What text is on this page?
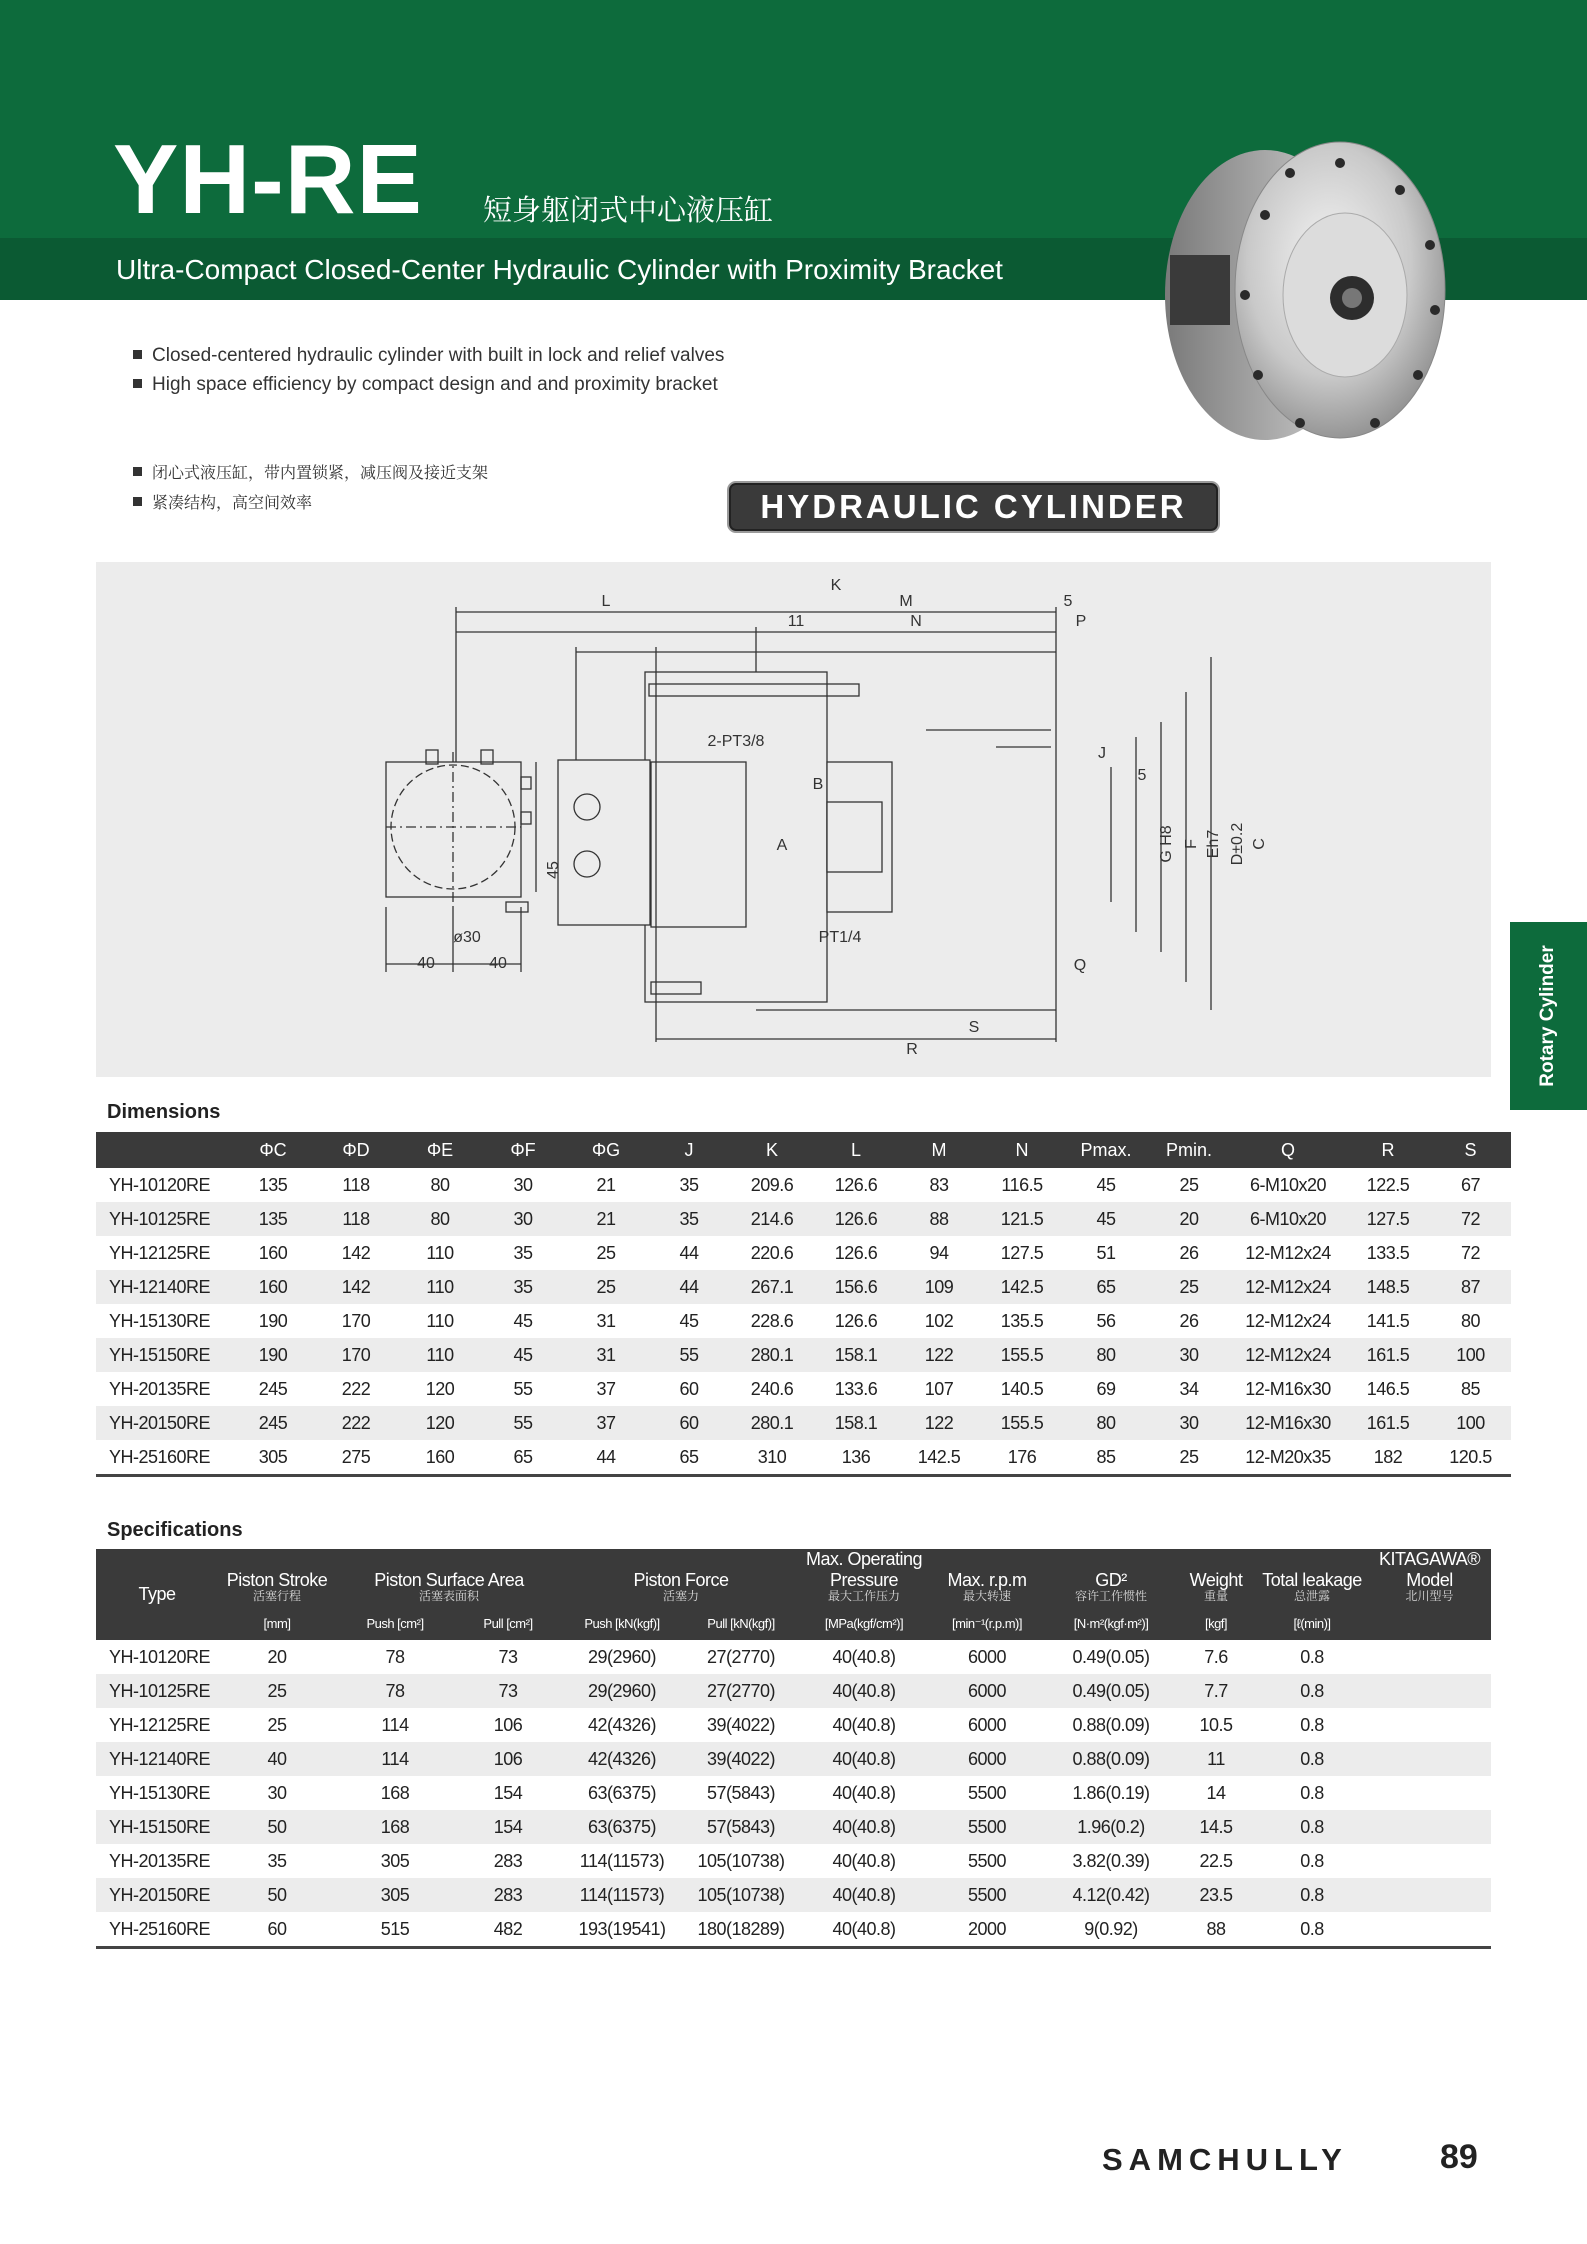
YH-RE 短身躯闭式中心液压缸
Ultra-Compact Closed-Center Hydraulic Cylinder with Proximity Bracket
Closed-centered hydraulic cylinder with built in lock and relief valves
High space efficiency by compact design and and proximity bracket
闭心式液压缸，带内置锁紧，减压阀及接近支架
紧凑结构，高空间效率	HYDRAULIC CYLINDER
K
L	M	5
11	N	P
2-PT3/8
J
5
B
A	G H8 F Eh7 D±0.2 C
PT1/4
Q
S
R
45
ø30
40	40	Rotary Cylinder
Dimensions
	ΦC	ΦD	ΦE	ΦF	ΦG	J	K	L	M	N	Pmax.	Pmin.	Q	R	S
YH-10120RE	135	118	80	30	21	35	209.6	126.6	83	116.5	45	25	6-M10x20	122.5	67
YH-10125RE	135	118	80	30	21	35	214.6	126.6	88	121.5	45	20	6-M10x20	127.5	72
YH-12125RE	160	142	110	35	25	44	220.6	126.6	94	127.5	51	26	12-M12x24	133.5	72
YH-12140RE	160	142	110	35	25	44	267.1	156.6	109	142.5	65	25	12-M12x24	148.5	87
YH-15130RE	190	170	110	45	31	45	228.6	126.6	102	135.5	56	26	12-M12x24	141.5	80
YH-15150RE	190	170	110	45	31	55	280.1	158.1	122	155.5	80	30	12-M12x24	161.5	100
YH-20135RE	245	222	120	55	37	60	240.6	133.6	107	140.5	69	34	12-M16x30	146.5	85
YH-20150RE	245	222	120	55	37	60	280.1	158.1	122	155.5	80	30	12-M16x30	161.5	100
YH-25160RE	305	275	160	65	44	65	310	136	142.5	176	85	25	12-M20x35	182	120.5
Specifications
Type	Piston Stroke	Piston Surface Area		Piston Force		Max. Operating Pressure	Max. r.p.m	GD²	Weight	Total leakage	KITAGAWA® Model
	活塞行程	活塞表面积		活塞力		最大工作压力	最大转速	容许工作惯性	重量	总泄露	北川型号
	[mm]	Push [cm²]	Pull [cm²]	Push [kN(kgf)]	Pull [kN(kgf)]	[MPa(kgf/cm²)]	[min⁻¹(r.p.m)]	[N·m²(kgf·m²)]	[kgf]	[ℓ(min)]	
YH-10120RE	20	78	73	29(2960)	27(2770)	40(40.8)	6000	0.49(0.05)	7.6	0.8	
YH-10125RE	25	78	73	29(2960)	27(2770)	40(40.8)	6000	0.49(0.05)	7.7	0.8	
YH-12125RE	25	114	106	42(4326)	39(4022)	40(40.8)	6000	0.88(0.09)	10.5	0.8	
YH-12140RE	40	114	106	42(4326)	39(4022)	40(40.8)	6000	0.88(0.09)	11	0.8	
YH-15130RE	30	168	154	63(6375)	57(5843)	40(40.8)	5500	1.86(0.19)	14	0.8	
YH-15150RE	50	168	154	63(6375)	57(5843)	40(40.8)	5500	1.96(0.2)	14.5	0.8	
YH-20135RE	35	305	283	114(11573)	105(10738)	40(40.8)	5500	3.82(0.39)	22.5	0.8	
YH-20150RE	50	305	283	114(11573)	105(10738)	40(40.8)	5500	4.12(0.42)	23.5	0.8	
YH-25160RE	60	515	482	193(19541)	180(18289)	40(40.8)	2000	9(0.92)	88	0.8	
SAMCHULLY	89
